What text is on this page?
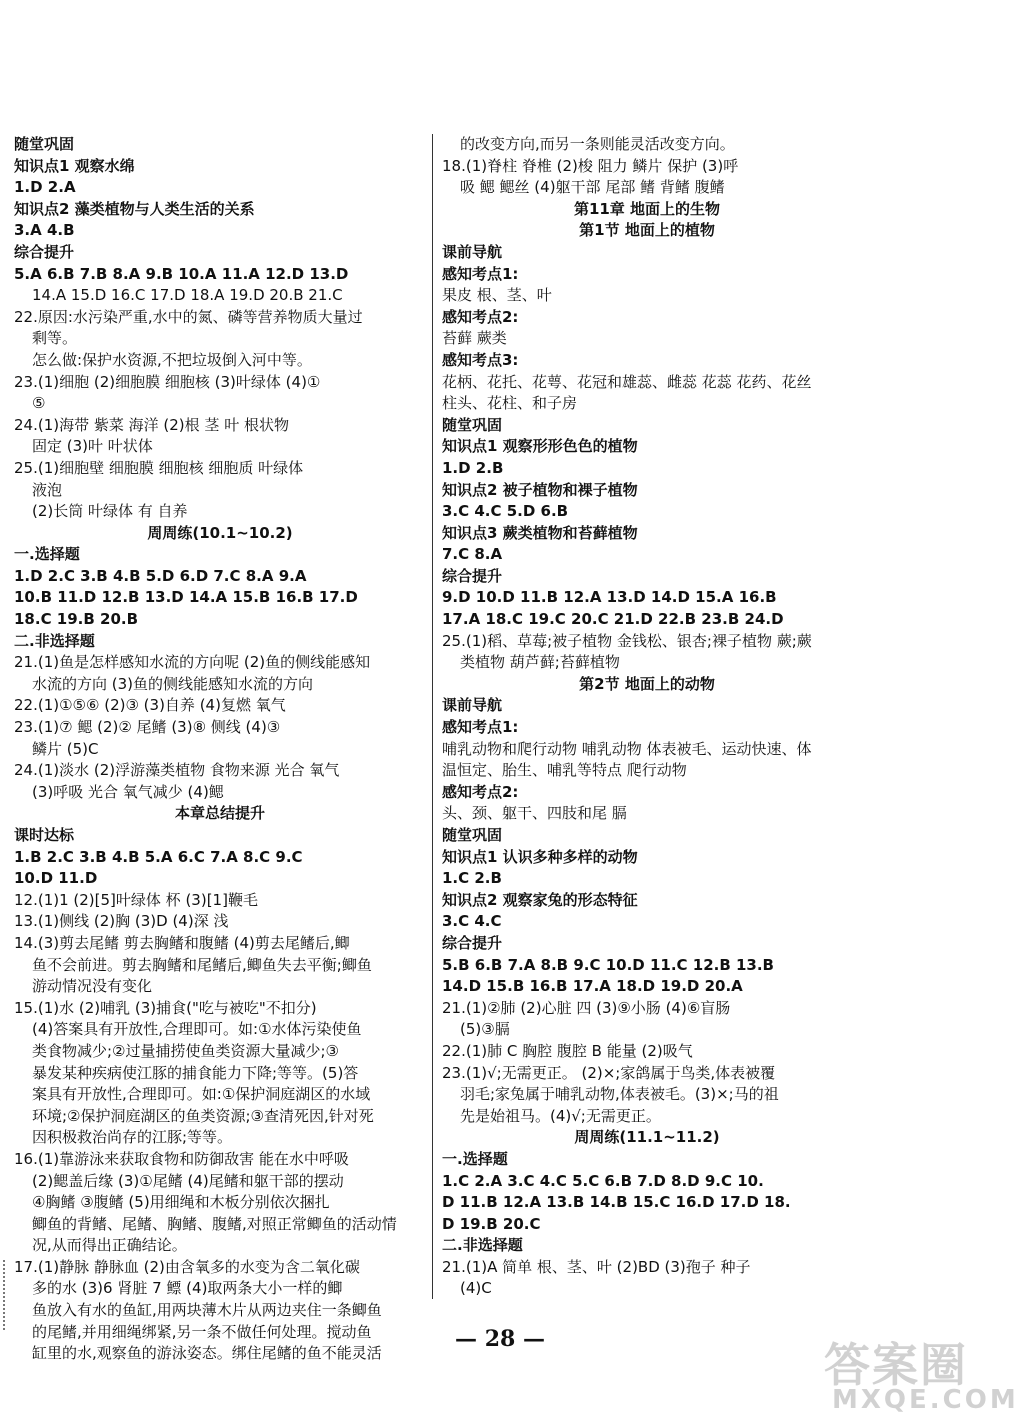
随堂巩固
知识点1 观察水绵
1.D 2.A
知识点2 藻类植物与人类生活的关系
3.A 4.B
综合提升
5.A 6.B 7.B 8.A 9.B 10.A 11.A 12.D 13.D
14.A 15.D 16.C 17.D 18.A 19.D 20.B 21.C
22.原因:水污染严重,水中的氮、磷等营养物质大量过
剩等。
怎么做:保护水资源,不把垃圾倒入河中等。
23.(1)细胞 (2)细胞膜 细胞核 (3)叶绿体 (4)①
⑤
24.(1)海带 紫菜 海洋 (2)根 茎 叶 根状物
固定 (3)叶 叶状体
25.(1)细胞壁 细胞膜 细胞核 细胞质 叶绿体
液泡
(2)长筒 叶绿体 有 自养
周周练(10.1~10.2)
一.选择题
1.D 2.C 3.B 4.B 5.D 6.D 7.C 8.A 9.A
10.B 11.D 12.B 13.D 14.A 15.B 16.B 17.D
18.C 19.B 20.B
二.非选择题
21.(1)鱼是怎样感知水流的方向呢 (2)鱼的侧线能感知
水流的方向 (3)鱼的侧线能感知水流的方向
22.(1)①⑤⑥ (2)③ (3)自养 (4)复燃 氧气
23.(1)⑦ 鳃 (2)② 尾鳍 (3)⑧ 侧线 (4)③
鳞片 (5)C
24.(1)淡水 (2)浮游藻类植物 食物来源 光合 氧气
(3)呼吸 光合 氧气减少 (4)鳃
本章总结提升
课时达标
1.B 2.C 3.B 4.B 5.A 6.C 7.A 8.C 9.C
10.D 11.D
12.(1)1 (2)[5]叶绿体 杯 (3)[1]鞭毛
13.(1)侧线 (2)胸 (3)D (4)深 浅
14.(3)剪去尾鳍 剪去胸鳍和腹鳍 (4)剪去尾鳍后,鲫
鱼不会前进。剪去胸鳍和尾鳍后,鲫鱼失去平衡;鲫鱼
游动情况没有变化
15.(1)水 (2)哺乳 (3)捕食("吃与被吃"不扣分)
(4)答案具有开放性,合理即可。如:①水体污染使鱼
类食物减少;②过量捕捞使鱼类资源大量减少;③
暴发某种疾病使江豚的捕食能力下降;等等。(5)答
案具有开放性,合理即可。如:①保护洞庭湖区的水域
环境;②保护洞庭湖区的鱼类资源;③查清死因,针对死
因积极救治尚存的江豚;等等。
16.(1)靠游泳来获取食物和防御敌害 能在水中呼吸
(2)鳃盖后缘 (3)①尾鳍 (4)尾鳍和躯干部的摆动
④胸鳍 ③腹鳍 (5)用细绳和木板分别依次捆扎
鲫鱼的背鳍、尾鳍、胸鳍、腹鳍,对照正常鲫鱼的活动情
况,从而得出正确结论。
17.(1)静脉 静脉血 (2)由含氧多的水变为含二氧化碳
多的水 (3)6 肾脏 7 鳔 (4)取两条大小一样的鲫
鱼放入有水的鱼缸,用两块薄木片从两边夹住一条鲫鱼
的尾鳍,并用细绳绑紧,另一条不做任何处理。搅动鱼
缸里的水,观察鱼的游泳姿态。绑住尾鳍的鱼不能灵活
的改变方向,而另一条则能灵活改变方向。
18.(1)脊柱 脊椎 (2)梭 阻力 鳞片 保护 (3)呼
吸 鳃 鳃丝 (4)躯干部 尾部 鳍 背鳍 腹鳍
第11章 地面上的生物
第1节 地面上的植物
课前导航
感知考点1:
果皮 根、茎、叶
感知考点2:
苔藓 蕨类
感知考点3:
花柄、花托、花萼、花冠和雄蕊、雌蕊 花蕊 花药、花丝
柱头、花柱、和子房
随堂巩固
知识点1 观察形形色色的植物
1.D 2.B
知识点2 被子植物和裸子植物
3.C 4.C 5.D 6.B
知识点3 蕨类植物和苔藓植物
7.C 8.A
综合提升
9.D 10.D 11.B 12.A 13.D 14.D 15.A 16.B
17.A 18.C 19.C 20.C 21.D 22.B 23.B 24.D
25.(1)稻、草莓;被子植物 金钱松、银杏;裸子植物 蕨;蕨
类植物 葫芦藓;苔藓植物
第2节 地面上的动物
课前导航
感知考点1:
哺乳动物和爬行动物 哺乳动物 体表被毛、运动快速、体
温恒定、胎生、哺乳等特点 爬行动物
感知考点2:
头、颈、躯干、四肢和尾 膈
随堂巩固
知识点1 认识多种多样的动物
1.C 2.B
知识点2 观察家兔的形态特征
3.C 4.C
综合提升
5.B 6.B 7.A 8.B 9.C 10.D 11.C 12.B 13.B
14.D 15.B 16.B 17.A 18.D 19.D 20.A
21.(1)②肺 (2)心脏 四 (3)⑨小肠 (4)⑥盲肠
(5)③膈
22.(1)肺 C 胸腔 腹腔 B 能量 (2)吸气
23.(1)√;无需更正。 (2)×;家鸽属于鸟类,体表被覆
羽毛;家兔属于哺乳动物,体表被毛。(3)×;马的祖
先是始祖马。(4)√;无需更正。
周周练(11.1~11.2)
一.选择题
1.C 2.A 3.C 4.C 5.C 6.B 7.D 8.D 9.C 10.
D 11.B 12.A 13.B 14.B 15.C 16.D 17.D 18.
D 19.B 20.C
二.非选择题
21.(1)A 简单 根、茎、叶 (2)BD (3)孢子 种子
(4)C
— 28 —	答案圈
MXQE.COM
